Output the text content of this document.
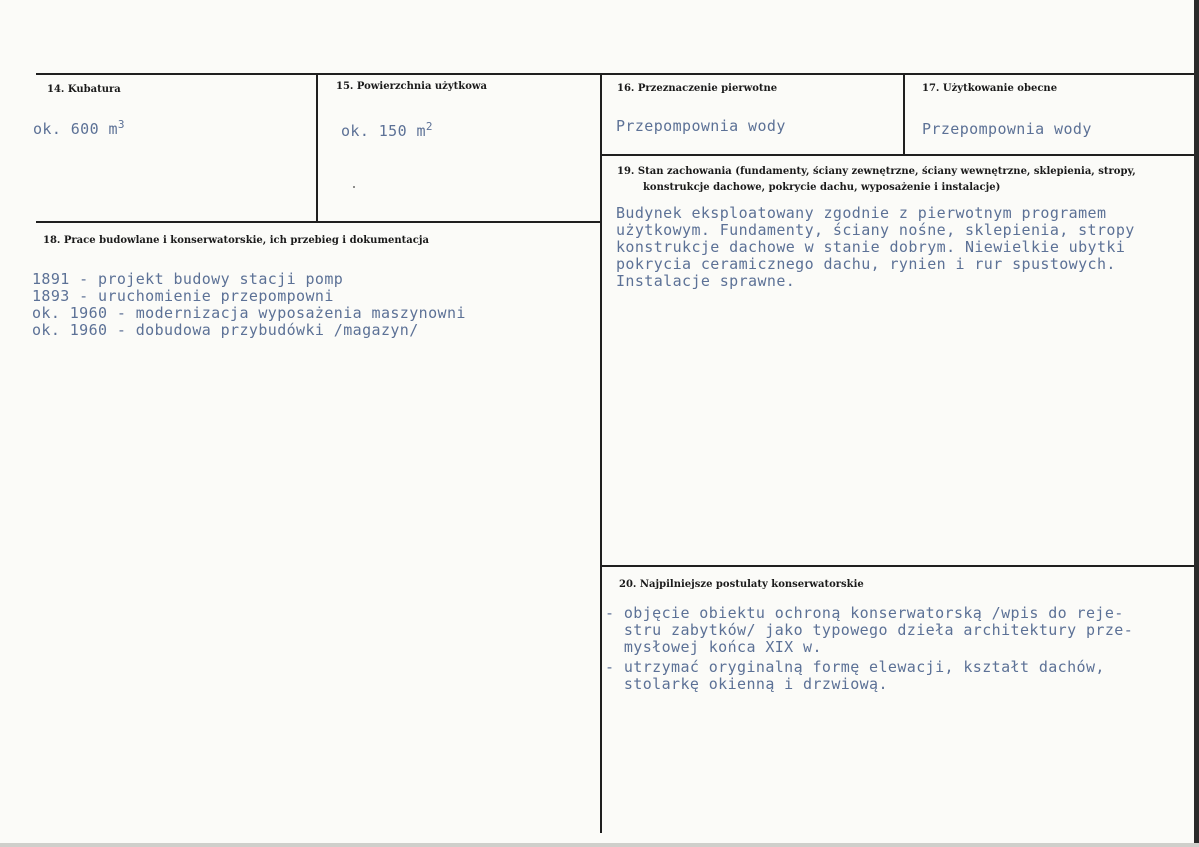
14. Kubatura
ok. 600 $m^3$
15. Powierzchnia użytkowa
ok. 150 $m^2$
16. Przeznaczenie pierwotne
Przepompownia wody
17. Użytkowanie obecne
Przepompownia wody
18. Prace budowlane i konserwatorskie, ich przebieg i dokumentacja
1891 - projekt budowy stacji pomp
1893 - uruchomienie przepompowni
ok. 1960 - modernizacja wyposażenia maszynowni
ok. 1960 - dobudowa przybudówki /magazyn/
19. Stan zachowania (fundamenty, ściany zewnętrzne, ściany wewnętrzne, sklepienia, stropy,
konstrukcje dachowe, pokrycie dachu, wyposażenie i instalacje)
Budynek eksploatowany zgodnie z pierwotnym programem
użytkowym. Fundamenty, ściany nośne, sklepienia, stropy
konstrukcje dachowe w stanie dobrym. Niewielkie ubytki
pokrycia ceramicznego dachu, rynien i rur spustowych.
Instalacje sprawne.
20. Najpilniejsze postulaty konserwatorskie
- objęcie obiektu ochroną konserwatorską /wpis do reje-
stru zabytków/ jako typowego dzieła architektury prze-
mysłowej końca XIX w.
- utrzymać oryginalną formę elewacji, kształt dachów,
stolarkę okienną i drzwiową.
